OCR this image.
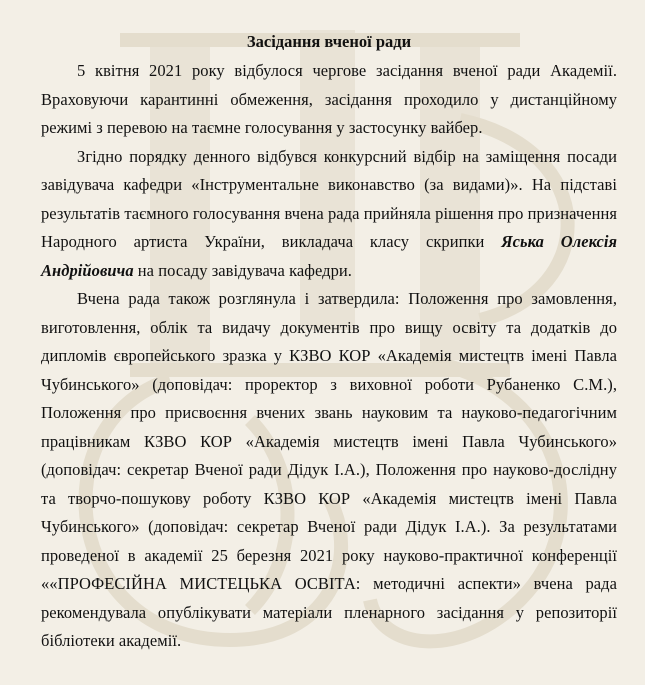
Засідання вченої ради

5 квітня 2021 року відбулося чергове засідання вченої ради Академії. Враховуючи карантинні обмеження, засідання проходило у дистанційному режимі з перевою на таємне голосування у застосунку вайбер.

Згідно порядку денного відбувся конкурсний відбір на заміщення посади завідувача кафедри «Інструментальне виконавство (за видами)». На підставі результатів таємного голосування вчена рада прийняла рішення про призначення Народного артиста України, викладача класу скрипки Яська Олексія Андрійовича на посаду завідувача кафедри.

Вчена рада також розглянула і затвердила: Положення про замовлення, виготовлення, облік та видачу документів про вищу освіту та додатків до дипломів європейського зразка у КЗВО КОР «Академія мистецтв імені Павла Чубинського» (доповідач: проректор з виховної роботи Рубаненко С.М.), Положення про присвоєння вчених звань науковим та науково-педагогічним працівникам КЗВО КОР «Академія мистецтв імені Павла Чубинського» (доповідач: секретар Вченої ради Дідук І.А.), Положення про науково-дослідну та творчо-пошукову роботу КЗВО КОР «Академія мистецтв імені Павла Чубинського» (доповідач: секретар Вченої ради Дідук І.А.). За результатами проведеної в академії 25 березня 2021 року науково-практичної конференції ««ПРОФЕСІЙНА МИСТЕЦЬКА ОСВІТА: методичні аспекти» вчена рада рекомендувала опублікувати матеріали пленарного засідання у репозиторії бібліотеки академії.
